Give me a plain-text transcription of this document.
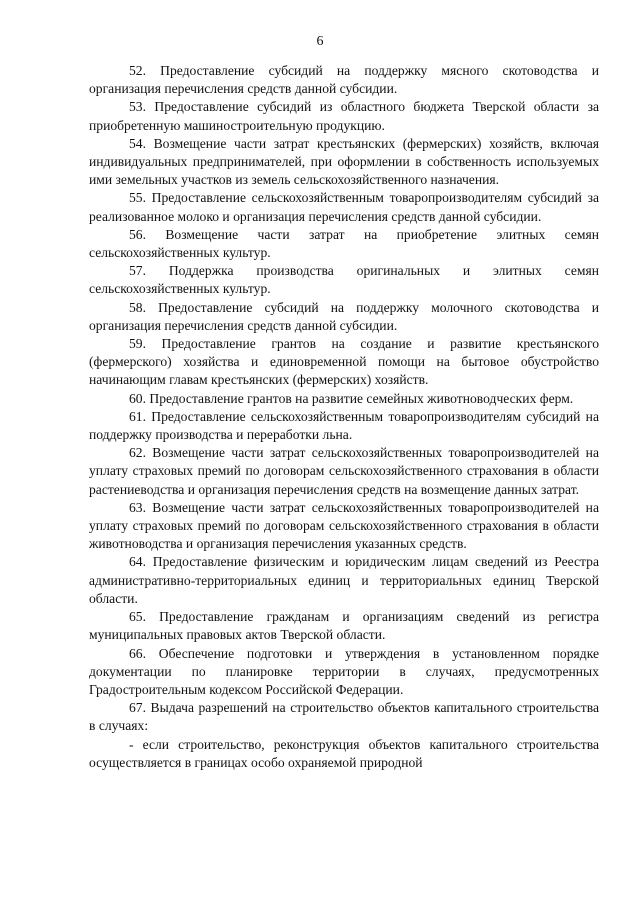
6

52. Предоставление субсидий на поддержку мясного скотоводства и организация перечисления средств данной субсидии.

53. Предоставление субсидий из областного бюджета Тверской области за приобретенную машиностроительную продукцию.

54. Возмещение части затрат крестьянских (фермерских) хозяйств, включая индивидуальных предпринимателей, при оформлении в собственность используемых ими земельных участков из земель сельскохозяйственного назначения.

55. Предоставление сельскохозяйственным товаропроизводителям субсидий за реализованное молоко и организация перечисления средств данной субсидии.

56. Возмещение части затрат на приобретение элитных семян сельскохозяйственных культур.

57. Поддержка производства оригинальных и элитных семян сельскохозяйственных культур.

58. Предоставление субсидий на поддержку молочного скотоводства и организация перечисления средств данной субсидии.

59. Предоставление грантов на создание и развитие крестьянского (фермерского) хозяйства и единовременной помощи на бытовое обустройство начинающим главам крестьянских (фермерских) хозяйств.

60. Предоставление грантов на развитие семейных животноводческих ферм.

61. Предоставление сельскохозяйственным товаропроизводителям субсидий на поддержку производства и переработки льна.

62. Возмещение части затрат сельскохозяйственных товаропроизводителей на уплату страховых премий по договорам сельскохозяйственного страхования в области растениеводства и организация перечисления средств на возмещение данных затрат.

63. Возмещение части затрат сельскохозяйственных товаропроизводителей на уплату страховых премий по договорам сельскохозяйственного страхования в области животноводства и организация перечисления указанных средств.

64. Предоставление физическим и юридическим лицам сведений из Реестра административно-территориальных единиц и территориальных единиц Тверской области.

65. Предоставление гражданам и организациям сведений из регистра муниципальных правовых актов Тверской области.

66. Обеспечение подготовки и утверждения в установленном порядке документации по планировке территории в случаях, предусмотренных Градостроительным кодексом Российской Федерации.

67. Выдача разрешений на строительство объектов капитального строительства в случаях:

- если строительство, реконструкция объектов капитального строительства осуществляется в границах особо охраняемой природной
